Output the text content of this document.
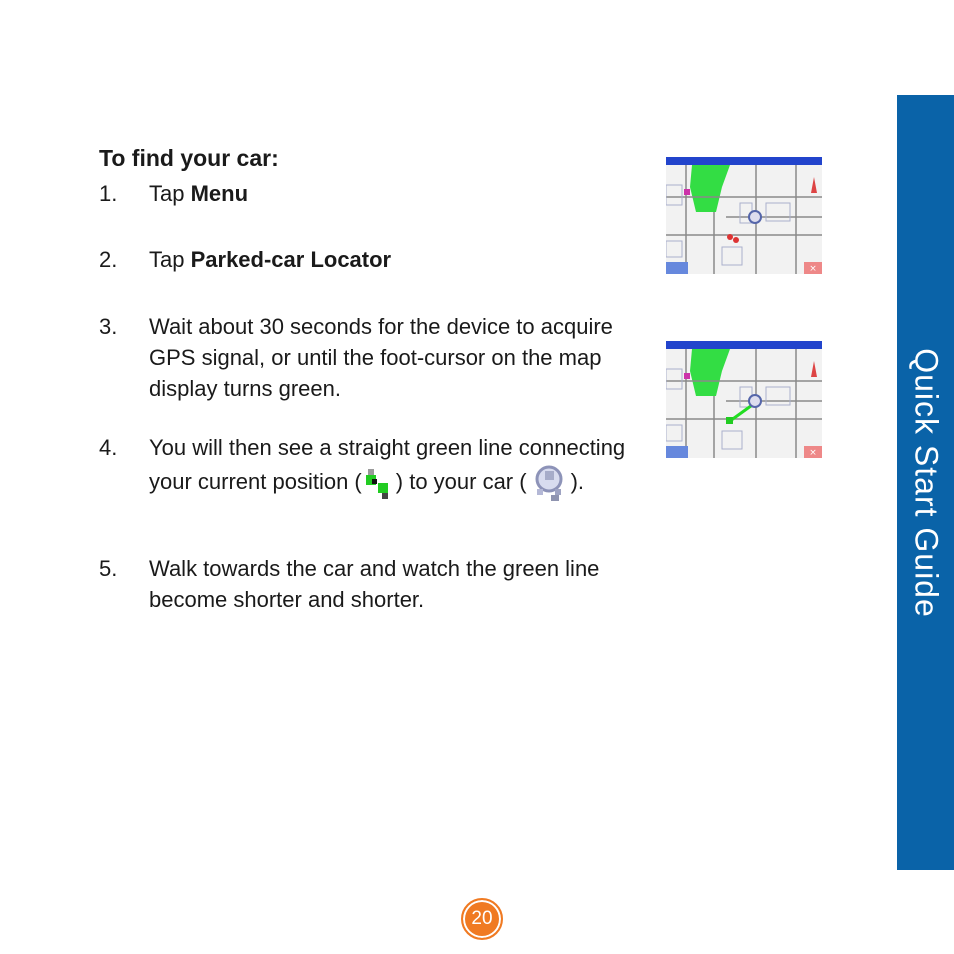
To find your car:
1.	Tap Menu
2.	Tap Parked-car Locator
3.	Wait about 30 seconds for the device to acquire GPS signal, or until the foot-cursor on the map display turns green.
4.	You will then see a straight green line connecting your current position ( ) to your car ( ).
5.	Walk towards the car and watch the green line become shorter and shorter.
×
×	Quick Start Guide
20
